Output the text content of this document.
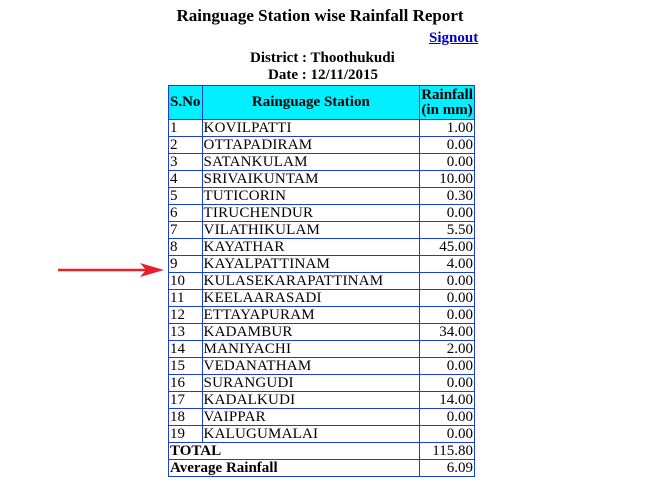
Rainguage Station wise Rainfall Report
Signout
District : Thoothukudi
Date : 12/11/2015
S.No	Rainguage Station	Rainfall
(in mm)
1	KOVILPATTI	1.00
2	OTTAPADIRAM	0.00
3	SATANKULAM	0.00
4	SRIVAIKUNTAM	10.00
5	TUTICORIN	0.30
6	TIRUCHENDUR	0.00
7	VILATHIKULAM	5.50
8	KAYATHAR	45.00
9	KAYALPATTINAM	4.00
10	KULASEKARAPATTINAM	0.00
11	KEELAARASADI	0.00
12	ETTAYAPURAM	0.00
13	KADAMBUR	34.00
14	MANIYACHI	2.00
15	VEDANATHAM	0.00
16	SURANGUDI	0.00
17	KADALKUDI	14.00
18	VAIPPAR	0.00
19	KALUGUMALAI	0.00
TOTAL		115.80
Average Rainfall		6.09
